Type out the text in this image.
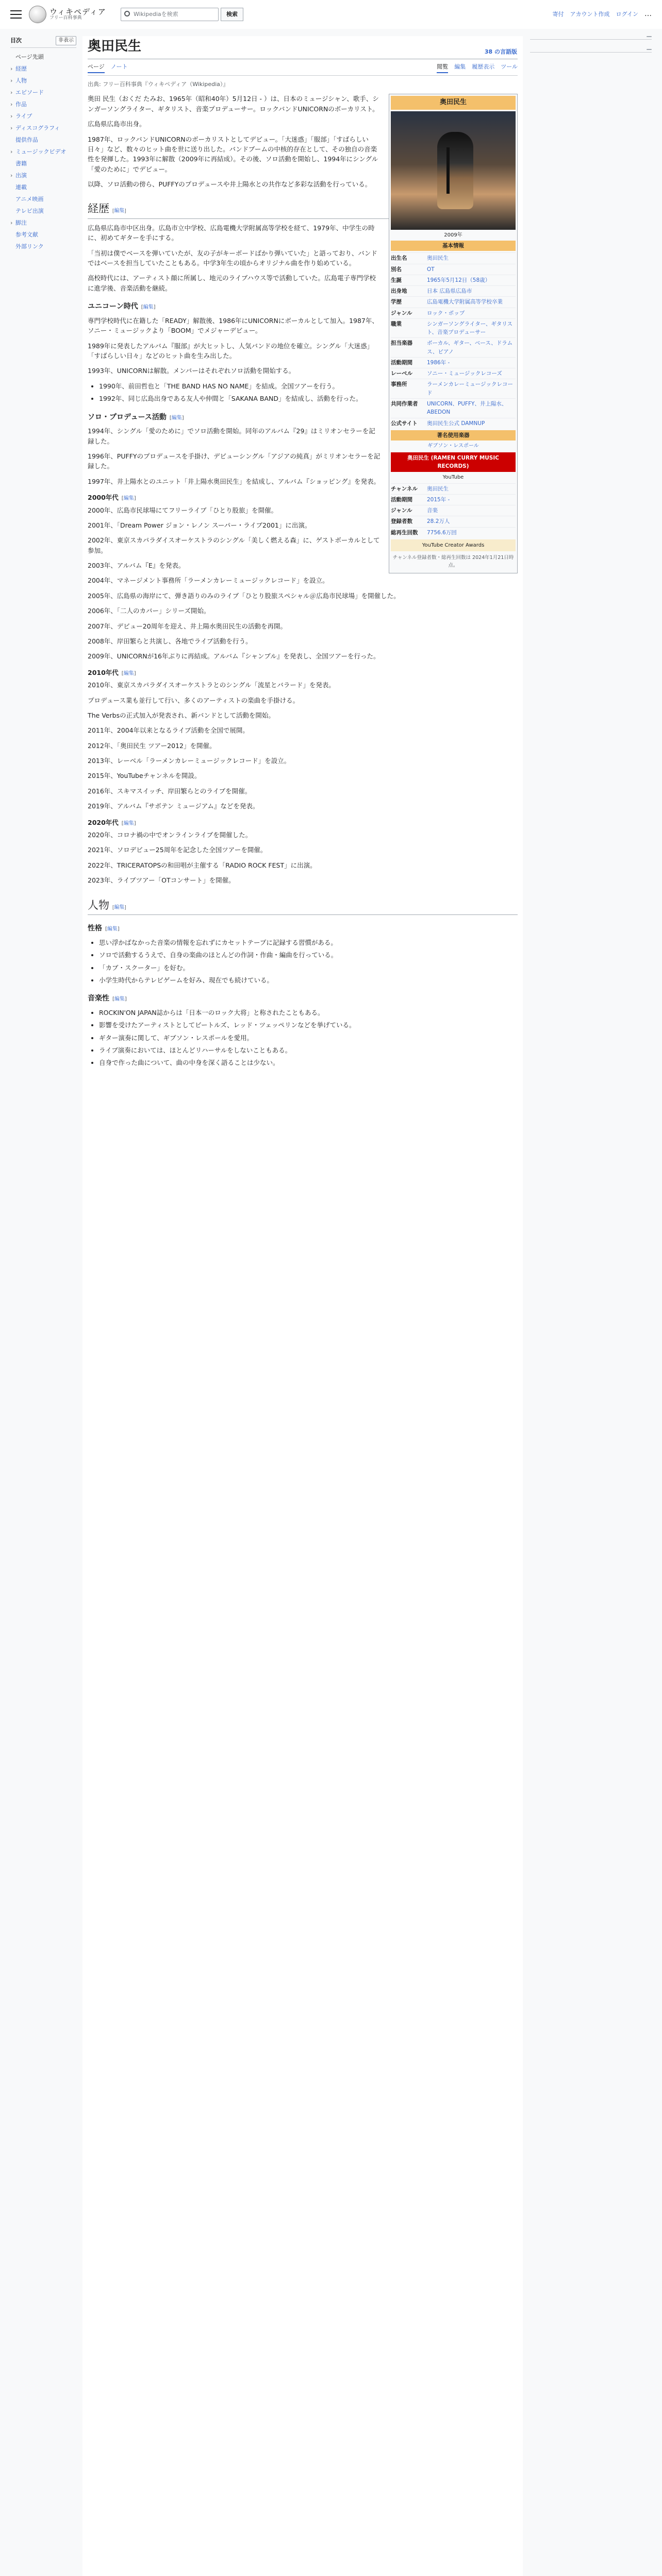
ウィキペディア
フリー百科事典
Wikipediaを検索	検索	寄付 アカウント作成 ログイン …
目次	非表示
ページ先頭
› 経歴
› 人物
› エピソード
› 作品
› ライブ
› ディスコグラフィ
提供作品
› ミュージックビデオ
書籍
› 出演
連載
アニメ映画
テレビ出演
› 脚注
参考文献
外部リンク
奥田民生	38 の言語版
ページ ノート	閲覧 編集 履歴表示 ツール
出典: フリー百科事典『ウィキペディア（Wikipedia）』
奥田民生
2009年
基本情報
出生名	奥田民生
別名	OT
生誕	1965年5月12日（58歳）
出身地	日本 広島県広島市
学歴	広島電機大学附属高等学校卒業
ジャンル	ロック・ポップ
職業	シンガーソングライター、ギタリスト、音楽プロデューサー
担当楽器	ボーカル、ギター、ベース、ドラムス、ピアノ
活動期間	1986年 -
レーベル	ソニー・ミュージックレコーズ
事務所	ラーメンカレーミュージックレコード
共同作業者	UNICORN、PUFFY、井上陽水、ABEDON
公式サイト	奥田民生公式 DAMNUP
著名使用楽器
ギブソン・レスポール
奥田民生 (RAMEN CURRY MUSIC RECORDS)
YouTube
チャンネル	奥田民生
活動期間	2015年 -
ジャンル	音楽
登録者数	28.2万人
総再生回数	7756.6万回
YouTube Creator Awards
チャンネル登録者数・総再生回数は 2024年1月21日時点。

奥田 民生（おくだ たみお、1965年（昭和40年）5月12日 - ）は、日本のミュージシャン、歌手、シンガーソングライター、ギタリスト、音楽プロデューサー。ロックバンドUNICORNのボーカリスト。

広島県広島市出身。

1987年、ロックバンドUNICORNのボーカリストとしてデビュー。「大迷惑」「服部」「すばらしい日々」など、数々のヒット曲を世に送り出した。バンドブームの中核的存在として、その独自の音楽性を発揮した。1993年に解散（2009年に再結成）。その後、ソロ活動を開始し、1994年にシングル「愛のために」でデビュー。

以降、ソロ活動の傍ら、PUFFYのプロデュースや井上陽水との共作など多彩な活動を行っている。

経歴 [編集]

広島県広島市中区出身。広島市立中学校、広島電機大学附属高等学校を経て、1979年、中学生の時に、初めてギターを手にする。

「当初は僕でベースを弾いていたが、友の子がキーボードばかり弾いていた」と語っており、バンドではベースを担当していたこともある。中学3年生の頃からオリジナル曲を作り始めている。

高校時代には、アーティスト顔に所属し、地元のライブハウス等で活動していた。広島電子専門学校に進学後、音楽活動を継続。

ユニコーン時代 [編集]

専門学校時代に在籍した「READY」解散後、1986年にUNICORNにボーカルとして加入。1987年、ソニー・ミュージックより「BOOM」でメジャーデビュー。

1989年に発表したアルバム『服部』が大ヒットし、人気バンドの地位を確立。シングル「大迷惑」「すばらしい日々」などのヒット曲を生み出した。

1993年、UNICORNは解散。メンバーはそれぞれソロ活動を開始する。

• 1990年、前田哲也と「THE BAND HAS NO NAME」を結成。全国ツアーを行う。
• 1992年、同じ広島出身である友人や仲間と「SAKANA BAND」を結成し、活動を行った。
ソロ・プロデュース活動 [編集]

1994年、シングル「愛のために」でソロ活動を開始。同年のアルバム『29』はミリオンセラーを記録した。

1996年、PUFFYのプロデュースを手掛け、デビューシングル「アジアの純真」がミリオンセラーを記録した。

1997年、井上陽水とのユニット「井上陽水奥田民生」を結成し、アルバム『ショッピング』を発表。

2000年代 [編集]

2000年、広島市民球場にてフリーライブ「ひとり股旅」を開催。

2001年、「Dream Power ジョン・レノン スーパー・ライブ2001」に出演。

2002年、東京スカパラダイスオーケストラのシングル「美しく燃える森」に、ゲストボーカルとして参加。

2003年、アルバム『E』を発表。

2004年、マネージメント事務所「ラーメンカレーミュージックレコード」を設立。

2005年、広島県の海岸にて、弾き語りのみのライブ「ひとり股旅スペシャル＠広島市民球場」を開催した。

2006年、「二人のカバー」シリーズ開始。

2007年、デビュー20周年を迎え、井上陽水奥田民生の活動を再開。

2008年、岸田繁らと共演し、各地でライブ活動を行う。

2009年、UNICORNが16年ぶりに再結成。アルバム『シャンブル』を発表し、全国ツアーを行った。

2010年代 [編集]

2010年、東京スカパラダイスオーケストラとのシングル「流星とバラード」を発表。

プロデュース業も並行して行い、多くのアーティストの楽曲を手掛ける。

The Verbsの正式加入が発表され、新バンドとして活動を開始。

2011年、2004年以来となるライブ活動を全国で展開。

2012年、「奥田民生 ツアー2012」を開催。

2013年、レーベル「ラーメンカレーミュージックレコード」を設立。

2015年、YouTubeチャンネルを開設。

2016年、スキマスイッチ、岸田繁らとのライブを開催。

2019年、アルバム『サボテン ミュージアム』などを発表。

2020年代 [編集]

2020年、コロナ禍の中でオンラインライブを開催した。

2021年、ソロデビュー25周年を記念した全国ツアーを開催。

2022年、TRICERATOPSの和田唱が主催する「RADIO ROCK FEST」に出演。

2023年、ライブツアー「OTコンサート」を開催。

人物 [編集]
性格 [編集]
• 思い浮かばなかった音楽の情報を忘れずにカセットテープに記録する習慣がある。
• ソロで活動するうえで、自身の楽曲のほとんどの作詞・作曲・編曲を行っている。
• 「カブ・スクーター」を好む。
• 小学生時代からテレビゲームを好み、現在でも続けている。
音楽性 [編集]
• ROCKIN'ON JAPAN誌からは「日本一のロック大将」と称されたこともある。
• 影響を受けたアーティストとしてビートルズ、レッド・ツェッペリンなどを挙げている。
• ギター演奏に関して、ギブソン・レスポールを愛用。
• ライブ演奏においては、ほとんどリハーサルをしないこともある。
• 自身で作った曲について、曲の中身を深く語ることは少ない。
